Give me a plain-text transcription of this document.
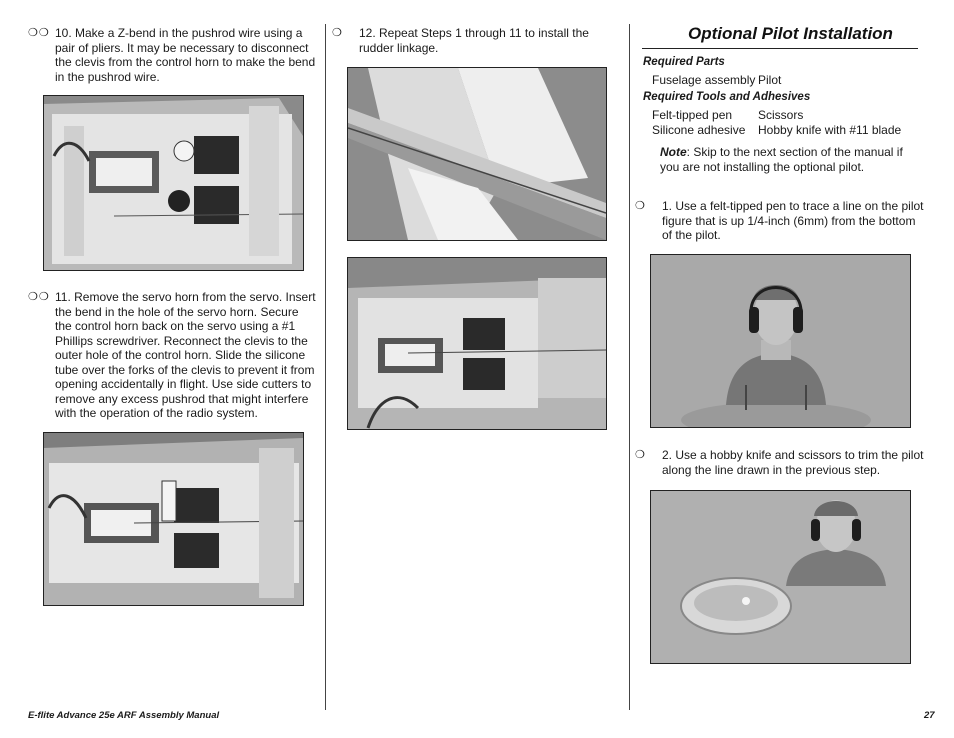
❍❍ 10. Make a Z-bend in the pushrod wire using a pair of pliers. It may be necessary to disconnect the clevis from the control horn to make the bend in the pushrod wire.
❍❍ 11. Remove the servo horn from the servo. Insert the bend in the hole of the servo horn. Secure the control horn back on the servo using a #1 Phillips screwdriver. Reconnect the clevis to the outer hole of the control horn. Slide the silicone tube over the forks of the clevis to prevent it from opening accidentally in flight. Use side cutters to remove any excess pushrod that might interfere with the operation of the radio system.
❍ 12. Repeat Steps 1 through 11 to install the rudder linkage.
Optional Pilot Installation
Required Parts
Fuselage assembly Pilot
Required Tools and Adhesives
Felt-tipped pen Scissors
Silicone adhesive Hobby knife with #11 blade
Note: Skip to the next section of the manual if you are not installing the optional pilot.
❍ 1. Use a felt-tipped pen to trace a line on the pilot figure that is up 1/4-inch (6mm) from the bottom of the pilot.
❍ 2. Use a hobby knife and scissors to trim the pilot along the line drawn in the previous step.
E-flite Advance 25e ARF Assembly Manual	27
